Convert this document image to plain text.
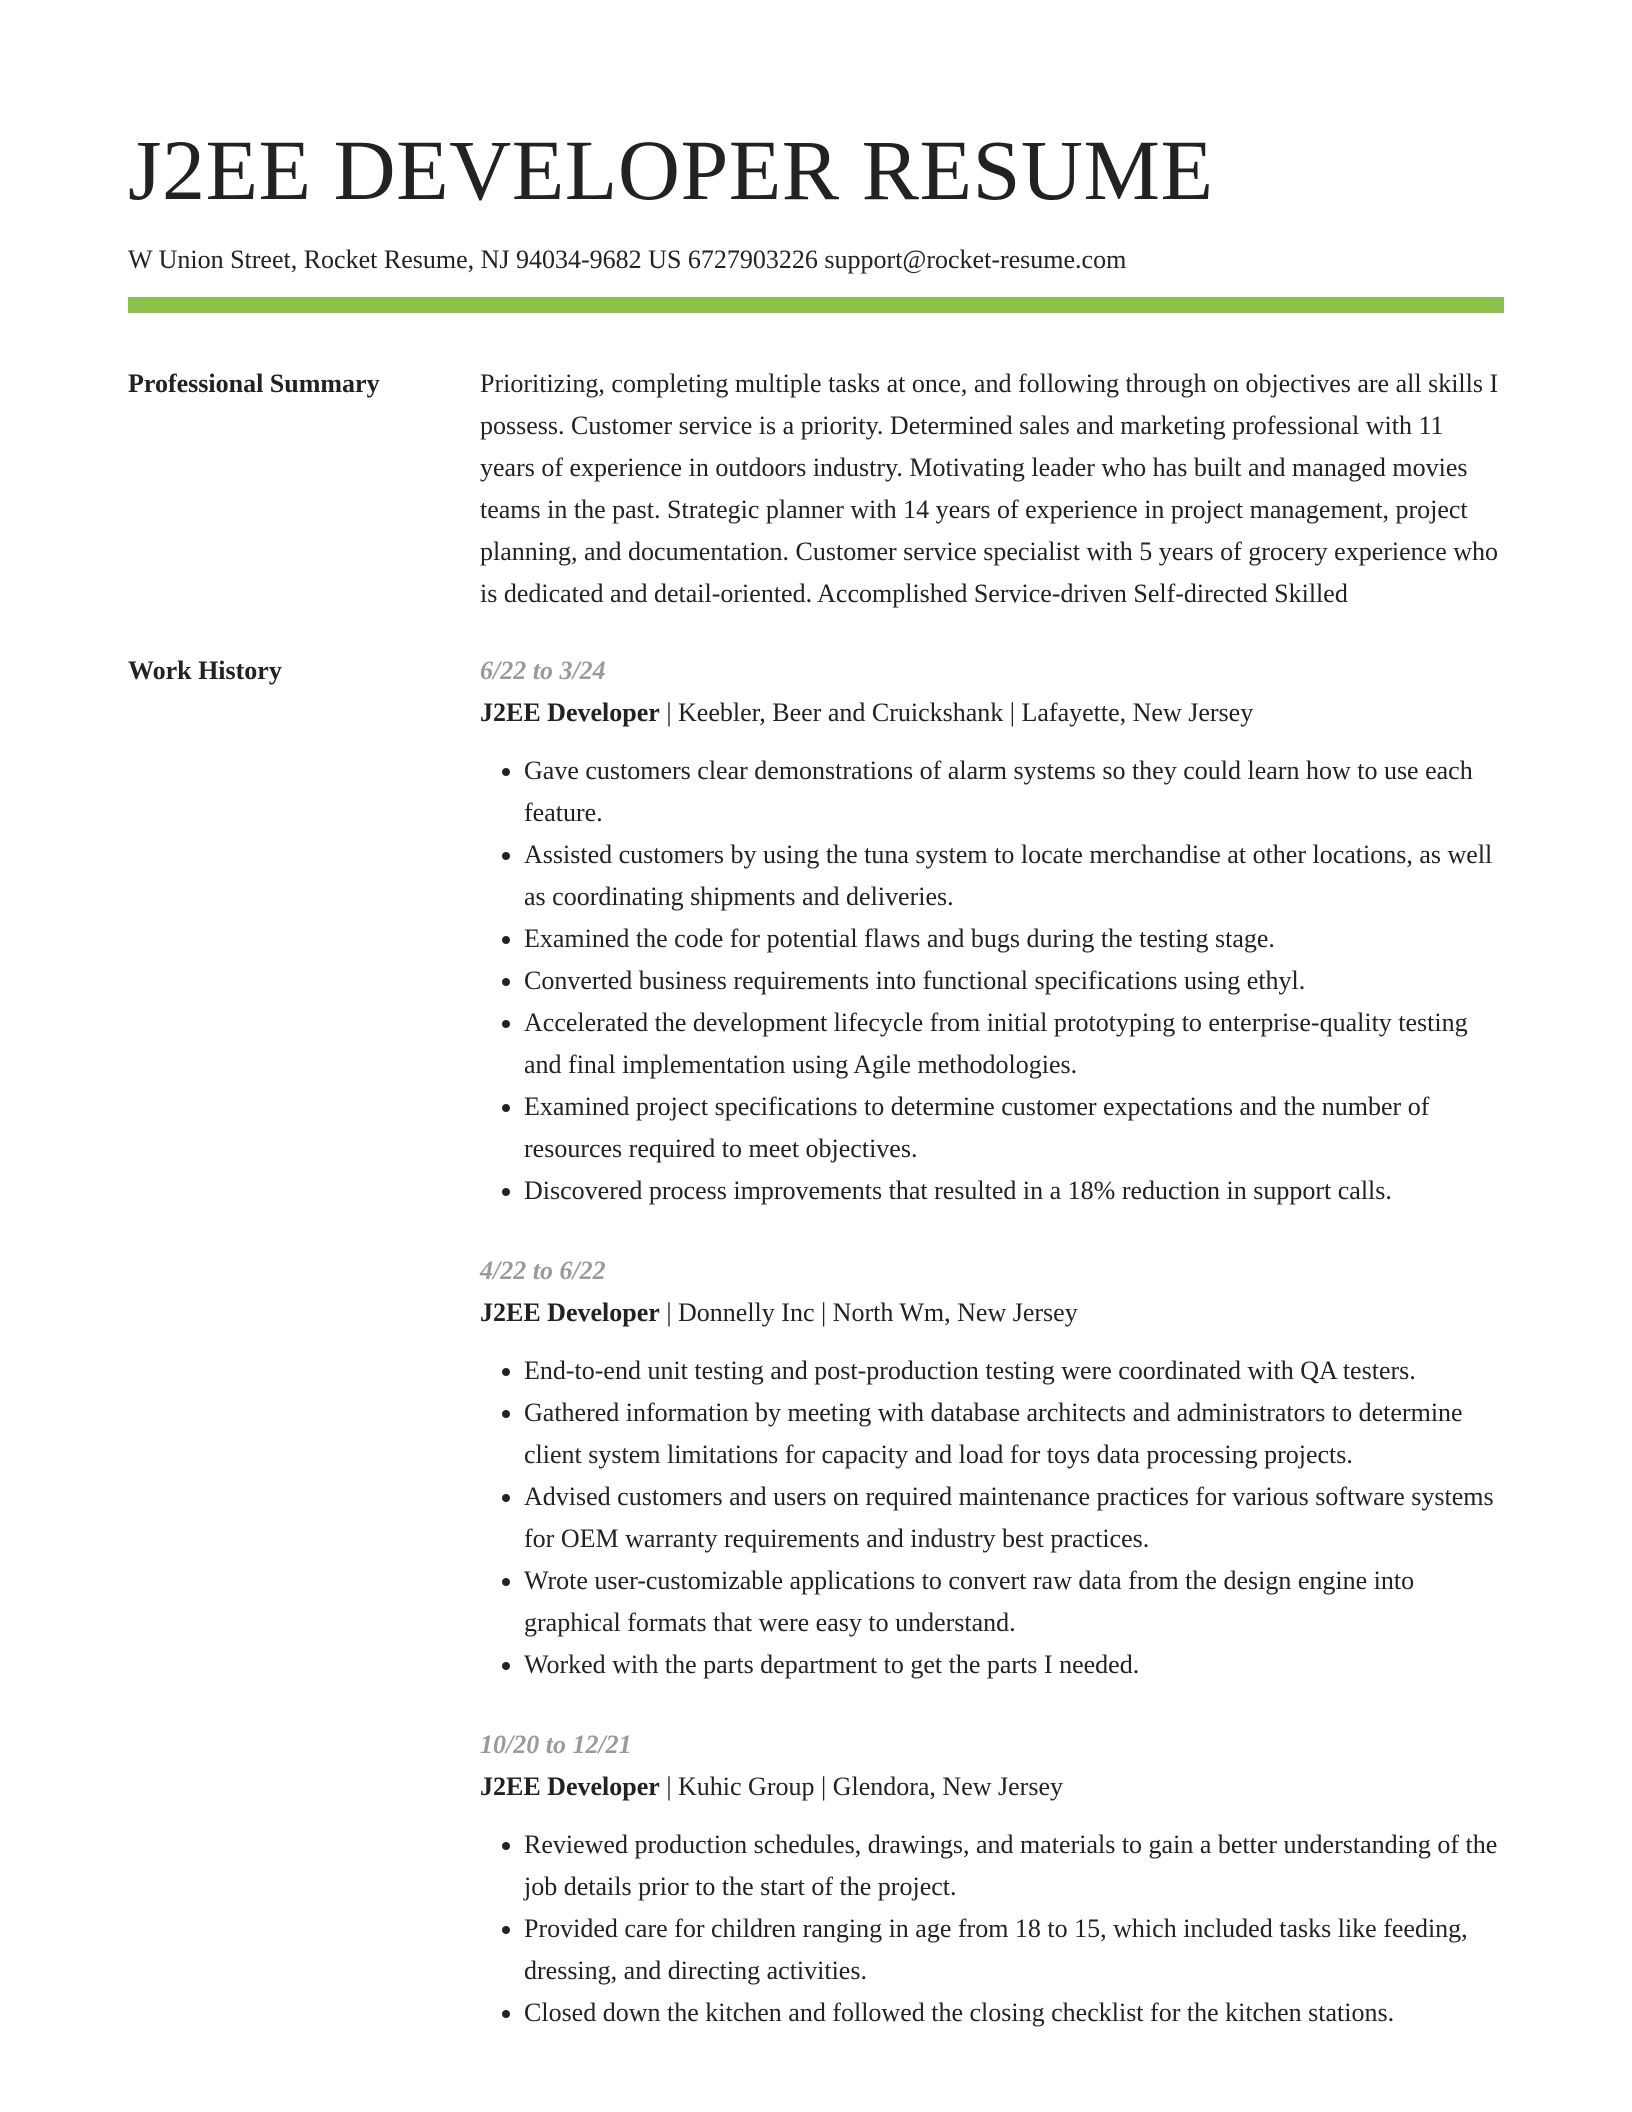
J2EE DEVELOPER RESUME
W Union Street, Rocket Resume, NJ 94034-9682 US 6727903226 support@rocket-resume.com
Professional Summary	Prioritizing, completing multiple tasks at once, and following through on objectives are all skills I possess. Customer service is a priority. Determined sales and marketing professional with 11 years of experience in outdoors industry. Motivating leader who has built and managed movies teams in the past. Strategic planner with 14 years of experience in project management, project planning, and documentation. Customer service specialist with 5 years of grocery experience who is dedicated and detail-oriented. Accomplished Service-driven Self-directed Skilled
Work History	6/22 to 3/24
J2EE Developer | Keebler, Beer and Cruickshank | Lafayette, New Jersey
• Gave customers clear demonstrations of alarm systems so they could learn how to use each feature.
• Assisted customers by using the tuna system to locate merchandise at other locations, as well as coordinating shipments and deliveries.
• Examined the code for potential flaws and bugs during the testing stage.
• Converted business requirements into functional specifications using ethyl.
• Accelerated the development lifecycle from initial prototyping to enterprise-quality testing and final implementation using Agile methodologies.
• Examined project specifications to determine customer expectations and the number of resources required to meet objectives.
• Discovered process improvements that resulted in a 18% reduction in support calls.
4/22 to 6/22
J2EE Developer | Donnelly Inc | North Wm, New Jersey
• End-to-end unit testing and post-production testing were coordinated with QA testers.
• Gathered information by meeting with database architects and administrators to determine client system limitations for capacity and load for toys data processing projects.
• Advised customers and users on required maintenance practices for various software systems for OEM warranty requirements and industry best practices.
• Wrote user-customizable applications to convert raw data from the design engine into graphical formats that were easy to understand.
• Worked with the parts department to get the parts I needed.
10/20 to 12/21
J2EE Developer | Kuhic Group | Glendora, New Jersey
• Reviewed production schedules, drawings, and materials to gain a better understanding of the job details prior to the start of the project.
• Provided care for children ranging in age from 18 to 15, which included tasks like feeding, dressing, and directing activities.
• Closed down the kitchen and followed the closing checklist for the kitchen stations.
